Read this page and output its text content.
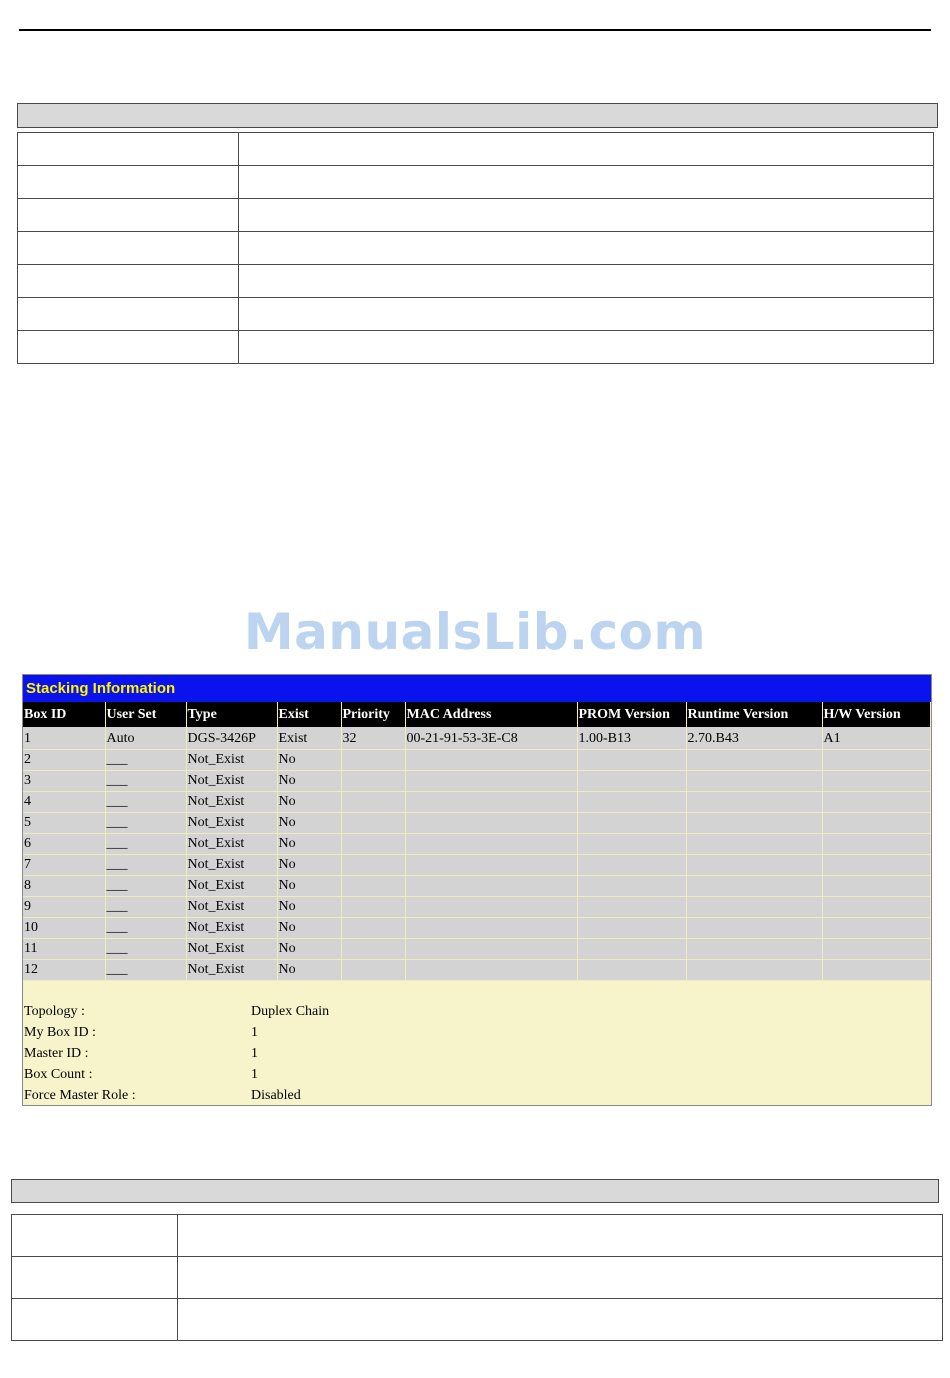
ManualsLib.com
Stacking Information
Box ID	User Set	Type	Exist	Priority	MAC Address	PROM Version	Runtime Version	H/W Version
1	Auto	DGS-3426P	Exist	32	00-21-91-53-3E-C8	1.00-B13	2.70.B43	A1
2	___	Not_Exist	No					
3	___	Not_Exist	No					
4	___	Not_Exist	No					
5	___	Not_Exist	No					
6	___	Not_Exist	No					
7	___	Not_Exist	No					
8	___	Not_Exist	No					
9	___	Not_Exist	No					
10	___	Not_Exist	No					
11	___	Not_Exist	No					
12	___	Not_Exist	No					
Topology :	Duplex Chain
My Box ID :	1
Master ID :	1
Box Count :	1
Force Master Role :	Disabled
